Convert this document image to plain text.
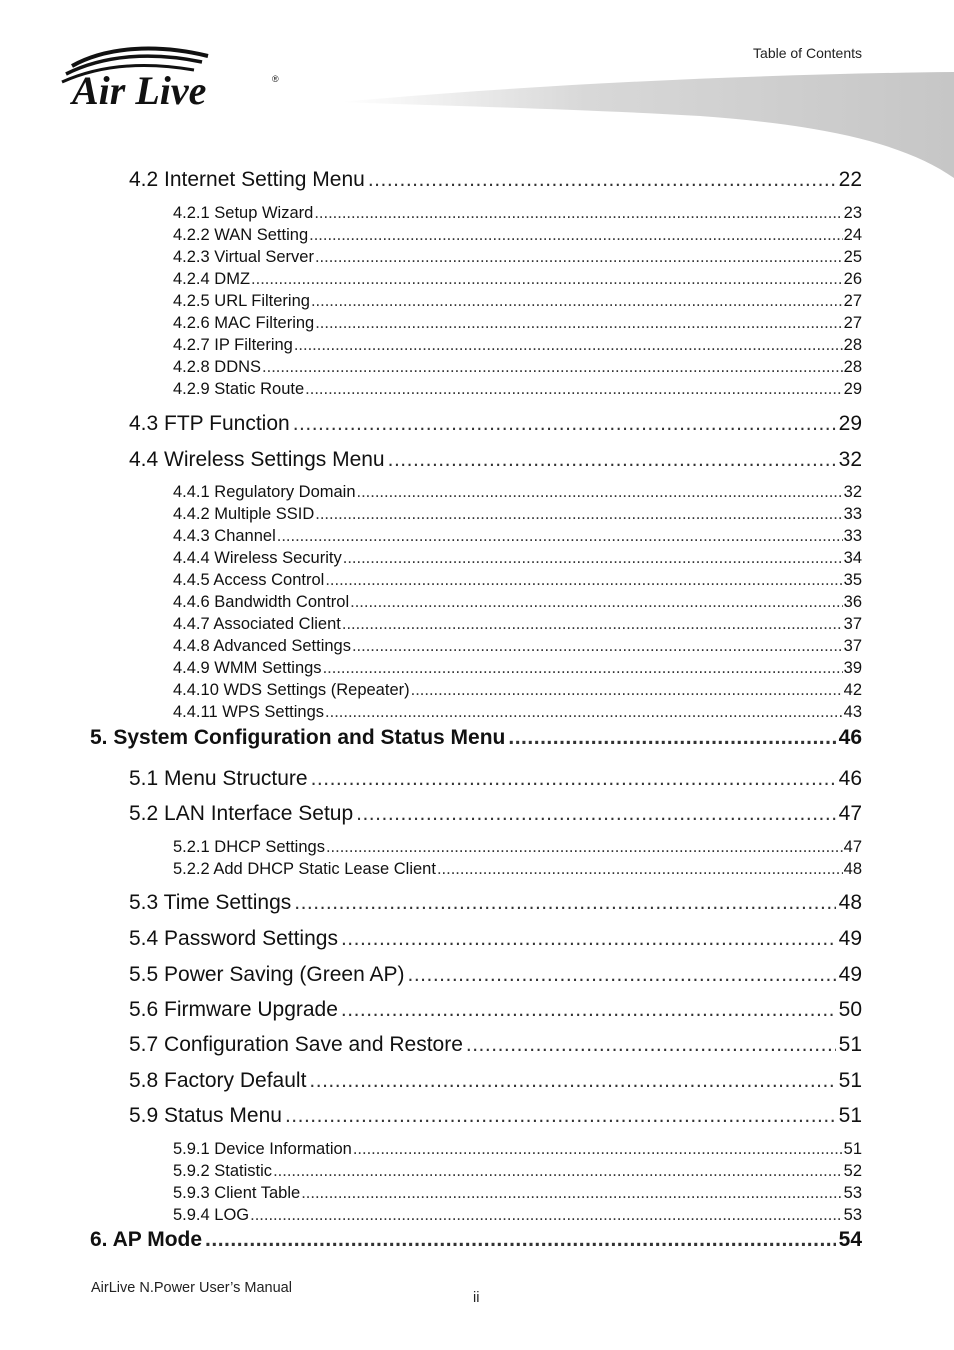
Table of Contents
Air Live	®
4.2 Internet Setting Menu .....	22
4.2.1 Setup Wizard .....	23
4.2.2 WAN Setting .....	24
4.2.3 Virtual Server .....	25
4.2.4 DMZ .....	26
4.2.5 URL Filtering .....	27
4.2.6 MAC Filtering .....	27
4.2.7 IP Filtering .....	28
4.2.8 DDNS .....	28
4.2.9 Static Route .....	29
4.3 FTP Function .....	29
4.4 Wireless Settings Menu .....	32
4.4.1 Regulatory Domain .....	32
4.4.2 Multiple SSID .....	33
4.4.3 Channel .....	33
4.4.4 Wireless Security .....	34
4.4.5 Access Control .....	35
4.4.6 Bandwidth Control .....	36
4.4.7 Associated Client .....	37
4.4.8 Advanced Settings .....	37
4.4.9 WMM Settings .....	39
4.4.10 WDS Settings (Repeater) .....	42
4.4.11 WPS Settings .....	43
5. System Configuration and Status Menu .....	46
5.1 Menu Structure .....	46
5.2 LAN Interface Setup .....	47
5.2.1 DHCP Settings .....	47
5.2.2 Add DHCP Static Lease Client .....	48
5.3 Time Settings .....	48
5.4 Password Settings .....	49
5.5 Power Saving (Green AP) .....	49
5.6 Firmware Upgrade .....	50
5.7 Configuration Save and Restore .....	51
5.8 Factory Default .....	51
5.9 Status Menu .....	51
5.9.1 Device Information .....	51
5.9.2 Statistic .....	52
5.9.3 Client Table .....	53
5.9.4 LOG .....	53
6. AP Mode .....	54
AirLive N.Power User’s Manual
ii
